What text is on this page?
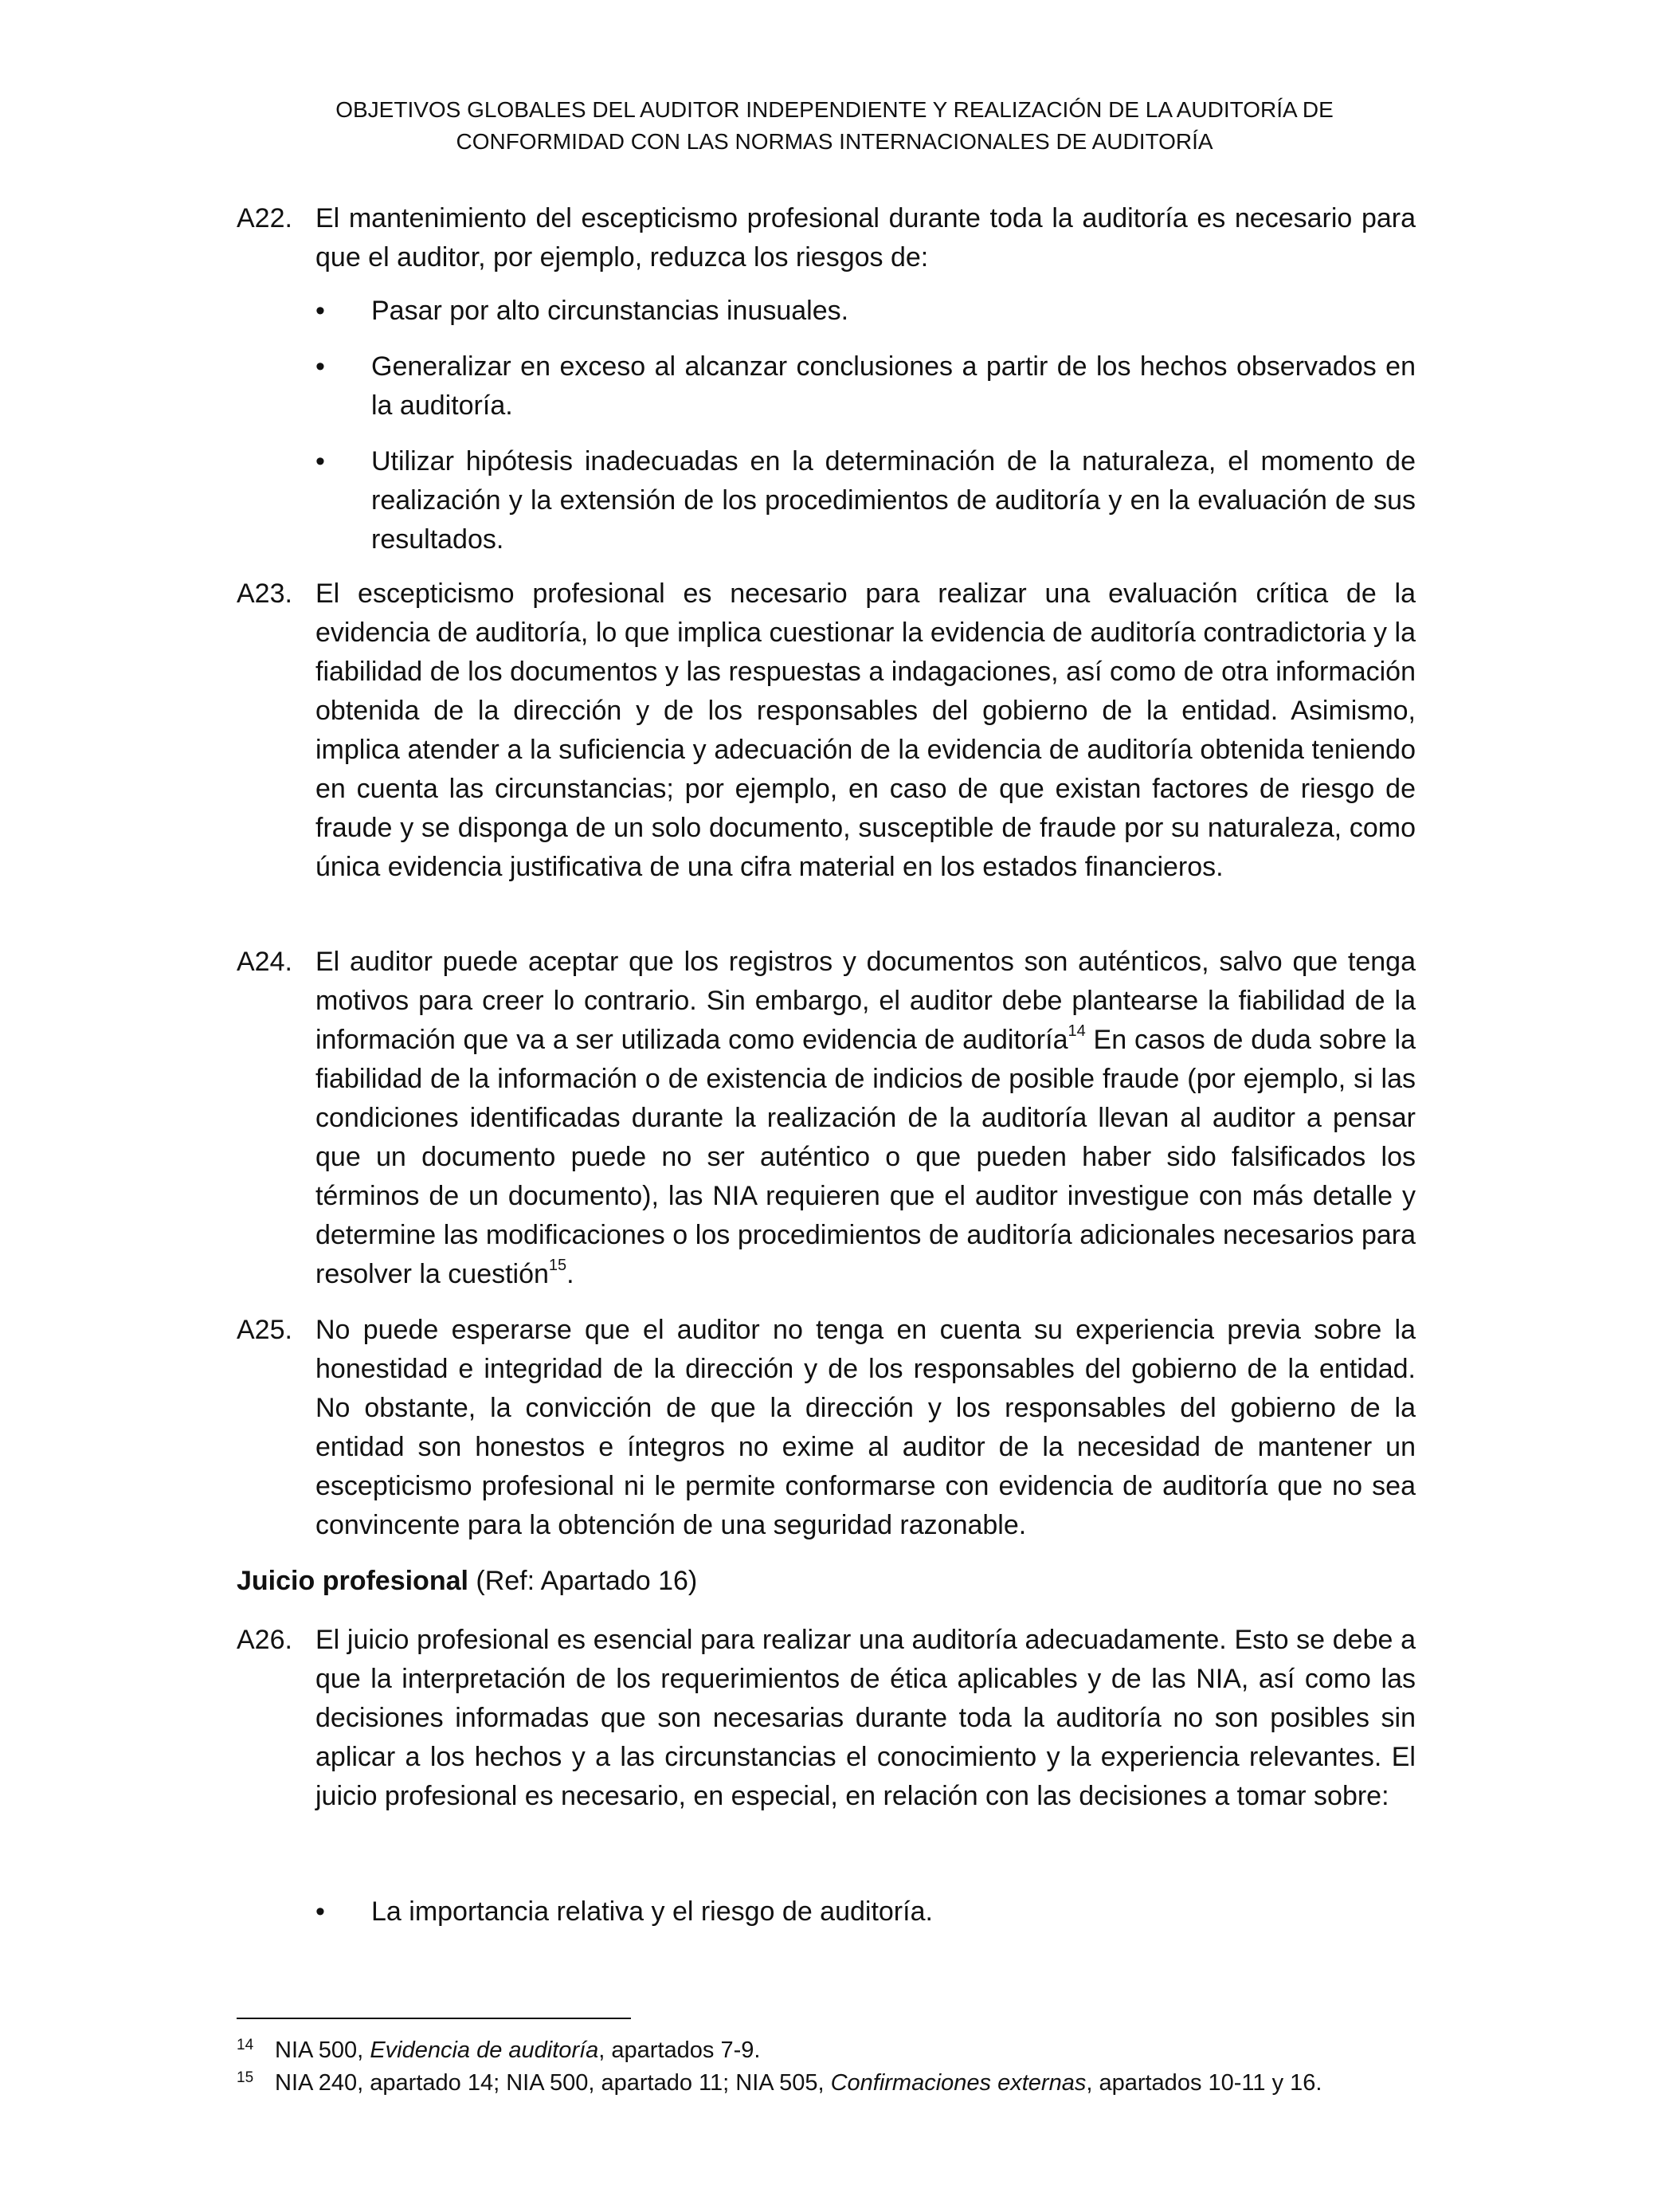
OBJETIVOS GLOBALES DEL AUDITOR INDEPENDIENTE Y REALIZACIÓN DE LA AUDITORÍA DE
CONFORMIDAD CON LAS NORMAS INTERNACIONALES DE AUDITORÍA
A22. El mantenimiento del escepticismo profesional durante toda la auditoría es necesario para que el auditor, por ejemplo, reduzca los riesgos de:
• Pasar por alto circunstancias inusuales.
• Generalizar en exceso al alcanzar conclusiones a partir de los hechos observados en la auditoría.
• Utilizar hipótesis inadecuadas en la determinación de la naturaleza, el momento de realización y la extensión de los procedimientos de auditoría y en la evaluación de sus resultados.
A23. El escepticismo profesional es necesario para realizar una evaluación crítica de la evidencia de auditoría, lo que implica cuestionar la evidencia de auditoría contradictoria y la fiabilidad de los documentos y las respuestas a indagaciones, así como de otra información obtenida de la dirección y de los responsables del gobierno de la entidad. Asimismo, implica atender a la suficiencia y adecuación de la evidencia de auditoría obtenida teniendo en cuenta las circunstancias; por ejemplo, en caso de que existan factores de riesgo de fraude y se disponga de un solo documento, susceptible de fraude por su naturaleza, como única evidencia justificativa de una cifra material en los estados financieros.
A24. El auditor puede aceptar que los registros y documentos son auténticos, salvo que tenga motivos para creer lo contrario. Sin embargo, el auditor debe plantearse la fiabilidad de la información que va a ser utilizada como evidencia de auditoría$^{14}$ En casos de duda sobre la fiabilidad de la información o de existencia de indicios de posible fraude (por ejemplo, si las condiciones identificadas durante la realización de la auditoría llevan al auditor a pensar que un documento puede no ser auténtico o que pueden haber sido falsificados los términos de un documento), las NIA requieren que el auditor investigue con más detalle y determine las modificaciones o los procedimientos de auditoría adicionales necesarios para resolver la cuestión$^{15}$.
A25. No puede esperarse que el auditor no tenga en cuenta su experiencia previa sobre la honestidad e integridad de la dirección y de los responsables del gobierno de la entidad. No obstante, la convicción de que la dirección y los responsables del gobierno de la entidad son honestos e íntegros no exime al auditor de la necesidad de mantener un escepticismo profesional ni le permite conformarse con evidencia de auditoría que no sea convincente para la obtención de una seguridad razonable.
Juicio profesional (Ref: Apartado 16)
A26. El juicio profesional es esencial para realizar una auditoría adecuadamente. Esto se debe a que la interpretación de los requerimientos de ética aplicables y de las NIA, así como las decisiones informadas que son necesarias durante toda la auditoría no son posibles sin aplicar a los hechos y a las circunstancias el conocimiento y la experiencia relevantes. El juicio profesional es necesario, en especial, en relación con las decisiones a tomar sobre:
• La importancia relativa y el riesgo de auditoría.
14 NIA 500, Evidencia de auditoría, apartados 7-9.
15 NIA 240, apartado 14; NIA 500, apartado 11; NIA 505, Confirmaciones externas, apartados 10-11 y 16.
